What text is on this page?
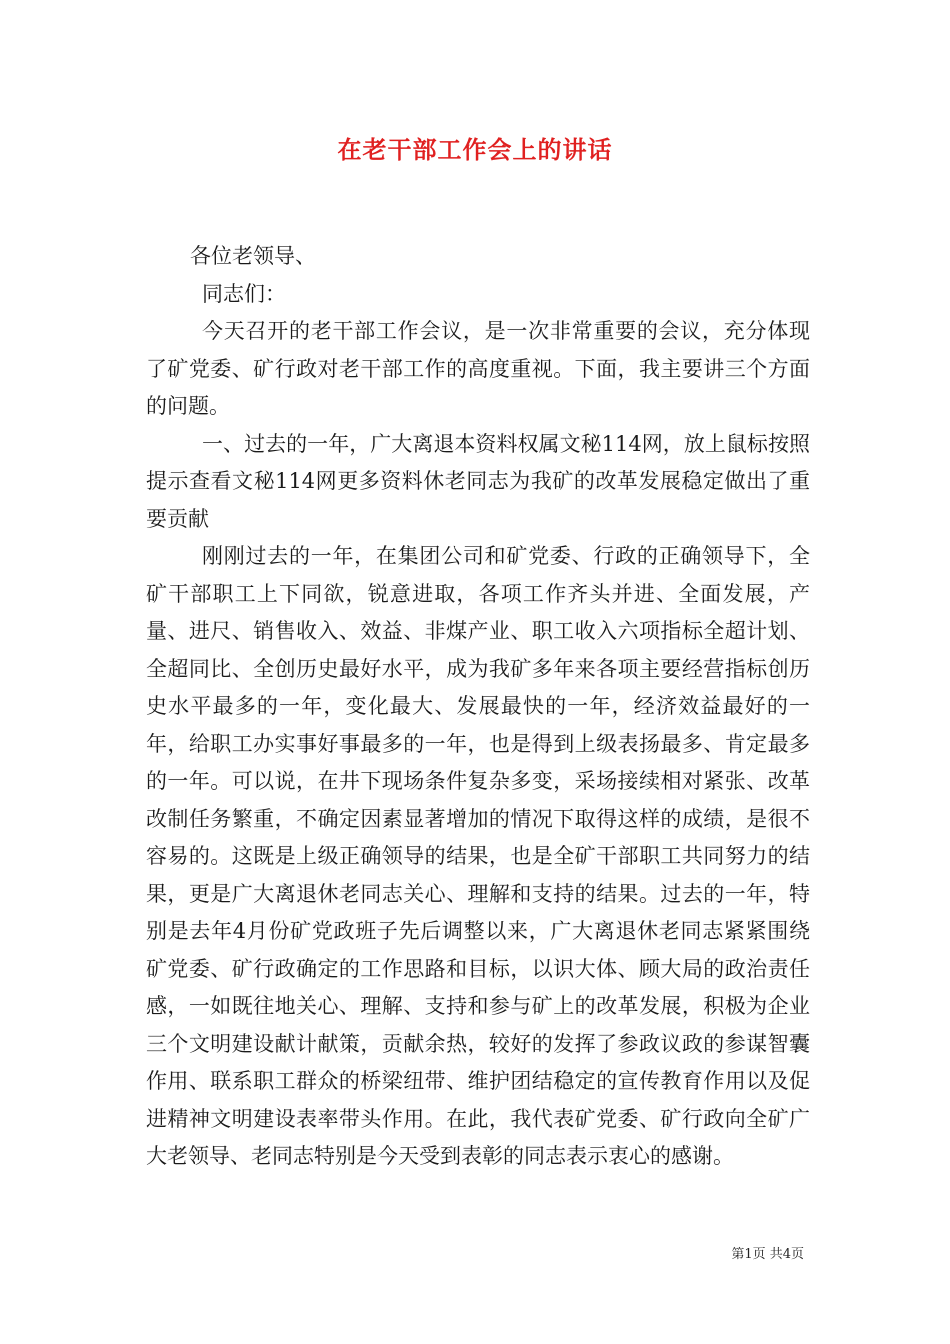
在老干部工作会上的讲话

各位老领导、

同志们：

今天召开的老干部工作会议，是一次非常重要的会议，充分体现了矿党委、矿行政对老干部工作的高度重视。下面，我主要讲三个方面的问题。

一、过去的一年，广大离退本资料权属文秘114网，放上鼠标按照提示查看文秘114网更多资料休老同志为我矿的改革发展稳定做出了重要贡献

刚刚过去的一年，在集团公司和矿党委、行政的正确领导下，全矿干部职工上下同欲，锐意进取，各项工作齐头并进、全面发展，产量、进尺、销售收入、效益、非煤产业、职工收入六项指标全超计划、全超同比、全创历史最好水平，成为我矿多年来各项主要经营指标创历史水平最多的一年，变化最大、发展最快的一年，经济效益最好的一年，给职工办实事好事最多的一年，也是得到上级表扬最多、肯定最多的一年。可以说，在井下现场条件复杂多变，采场接续相对紧张、改革改制任务繁重，不确定因素显著增加的情况下取得这样的成绩，是很不容易的。这既是上级正确领导的结果，也是全矿干部职工共同努力的结果，更是广大离退休老同志关心、理解和支持的结果。过去的一年，特别是去年4月份矿党政班子先后调整以来，广大离退休老同志紧紧围绕矿党委、矿行政确定的工作思路和目标，以识大体、顾大局的政治责任感，一如既往地关心、理解、支持和参与矿上的改革发展，积极为企业三个文明建设献计献策，贡献余热，较好的发挥了参政议政的参谋智囊作用、联系职工群众的桥梁纽带、维护团结稳定的宣传教育作用以及促进精神文明建设表率带头作用。在此，我代表矿党委、矿行政向全矿广大老领导、老同志特别是今天受到表彰的同志表示衷心的感谢。

第1页 共4页
